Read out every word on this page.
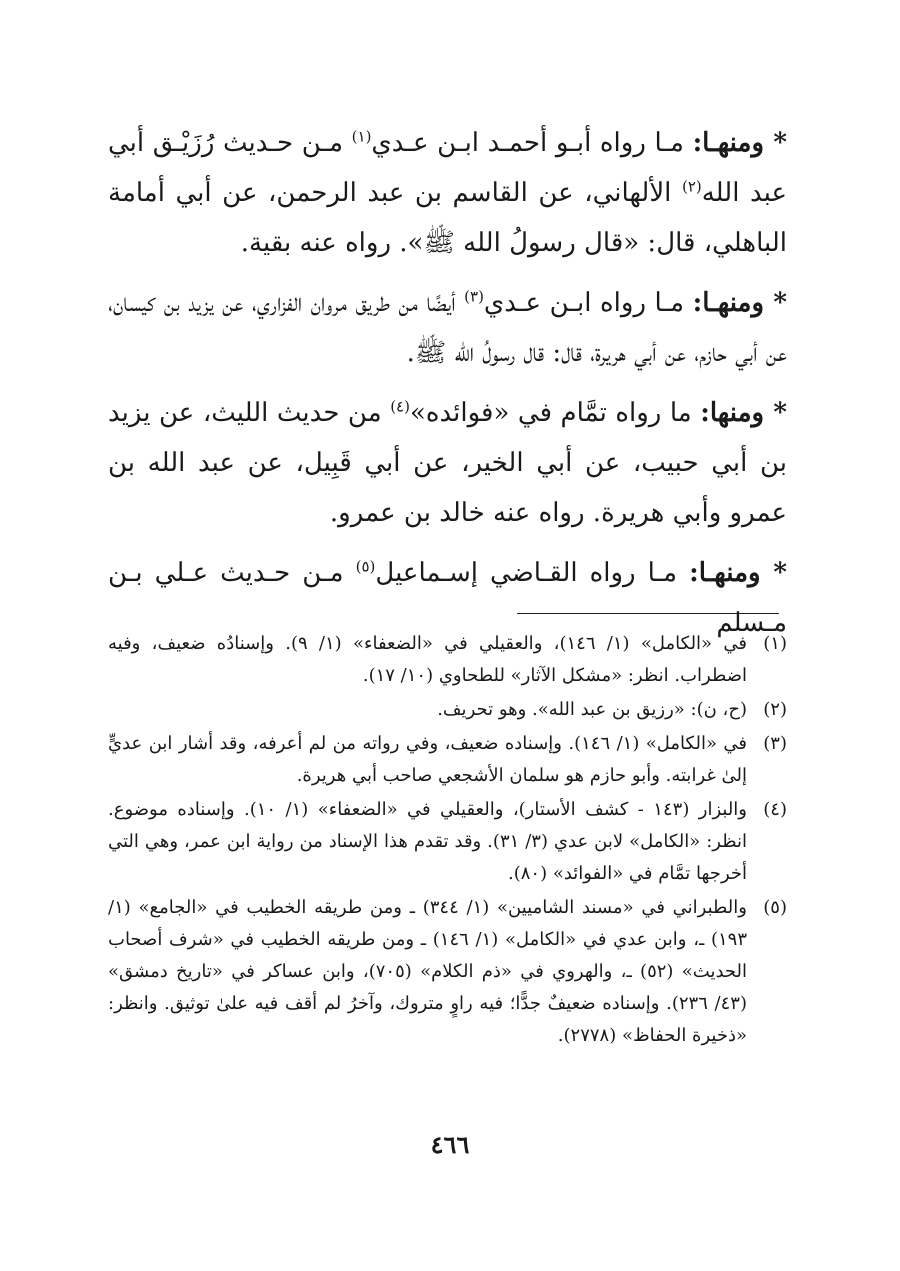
* ومنهـا: مـا رواه أبـو أحمـد ابـن عـدي$^{(١)}$ مـن حـديث رُزَيْـق أبي عبد الله$^{(٢)}$ الألهاني، عن القاسم بن عبد الرحمن، عن أبي أمامة الباهلي، قال: «قال رسولُ الله ﷺ». رواه عنه بقية.

* ومنهـا: مـا رواه ابـن عـدي$^{(٣)}$ أيضًا من طريق مروان الفزاري، عن يزيد بن كيسان، عن أبي حازم، عن أبي هريرة، قال: قال رسولُ الله ﷺ.

* ومنها: ما رواه تمَّام في «فوائده»$^{(٤)}$ من حديث الليث، عن يزيد بن أبي حبيب، عن أبي الخير، عن أبي قَبِيل، عن عبد الله بن عمرو وأبي هريرة. رواه عنه خالد بن عمرو.

* ومنهـا: مـا رواه القـاضي إسـماعيل$^{(٥)}$ مـن حـديث عـلي بـن مـسلم

(١)
في «الكامل» (١/ ١٤٦)، والعقيلي في «الضعفاء» (١/ ٩). وإسنادُه ضعيف، وفيه اضطراب. انظر: «مشكل الآثار» للطحاوي (١٠/ ١٧).
(٢)
(ح، ن): «رزيق بن عبد الله». وهو تحريف.
(٣)
في «الكامل» (١/ ١٤٦). وإسناده ضعيف، وفي رواته من لم أعرفه، وقد أشار ابن عديٍّ إلىٰ غرابته. وأبو حازم هو سلمان الأشجعي صاحب أبي هريرة.
(٤)
والبزار (١٤٣ - كشف الأستار)، والعقيلي في «الضعفاء» (١/ ١٠). وإسناده موضوع. انظر: «الكامل» لابن عدي (٣/ ٣١). وقد تقدم هذا الإسناد من رواية ابن عمر، وهي التي أخرجها تمَّام في «الفوائد» (٨٠).
(٥)
والطبراني في «مسند الشاميين» (١/ ٣٤٤) ـ ومن طريقه الخطيب في «الجامع» (١/ ١٩٣) ـ، وابن عدي في «الكامل» (١/ ١٤٦) ـ ومن طريقه الخطيب في «شرف أصحاب الحديث» (٥٢) ـ، والهروي في «ذم الكلام» (٧٠٥)، وابن عساكر في «تاريخ دمشق» (٤٣/ ٢٣٦). وإسناده ضعيفٌ جدًّا؛ فيه راوٍ متروك، وآخرُ لم أقف فيه علىٰ توثيق. وانظر: «ذخيرة الحفاظ» (٢٧٧٨).
٤٦٦
